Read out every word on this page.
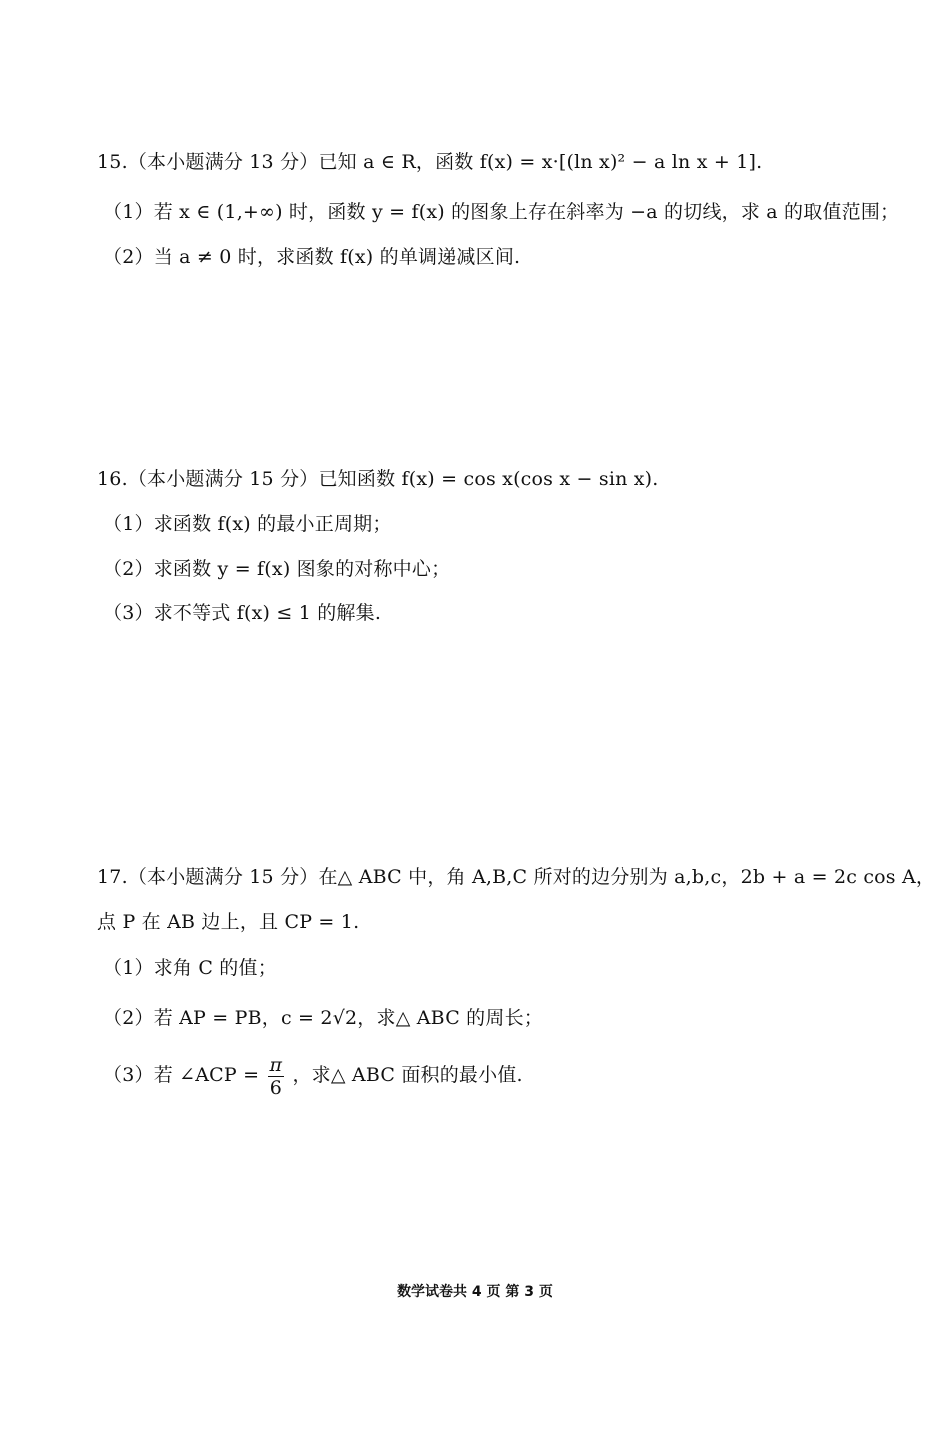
15.（本小题满分 13 分）已知 a ∈ R，函数 f(x) = x·[(ln x)² − a ln x + 1].
（1）若 x ∈ (1,+∞) 时，函数 y = f(x) 的图象上存在斜率为 −a 的切线，求 a 的取值范围；
（2）当 a ≠ 0 时，求函数 f(x) 的单调递减区间.
16.（本小题满分 15 分）已知函数 f(x) = cos x(cos x − sin x).
（1）求函数 f(x) 的最小正周期；
（2）求函数 y = f(x) 图象的对称中心；
（3）求不等式 f(x) ≤ 1 的解集.
17.（本小题满分 15 分）在△ ABC 中，角 A,B,C 所对的边分别为 a,b,c，2b + a = 2c cos A，
点 P 在 AB 边上，且 CP = 1.
（1）求角 C 的值；
（2）若 AP = PB，c = 2√2，求△ ABC 的周长；
（3）若 ∠ACP = $\frac{\pi}{6}$ ，求△ ABC 面积的最小值.
数学试卷共 4 页 第 3 页
